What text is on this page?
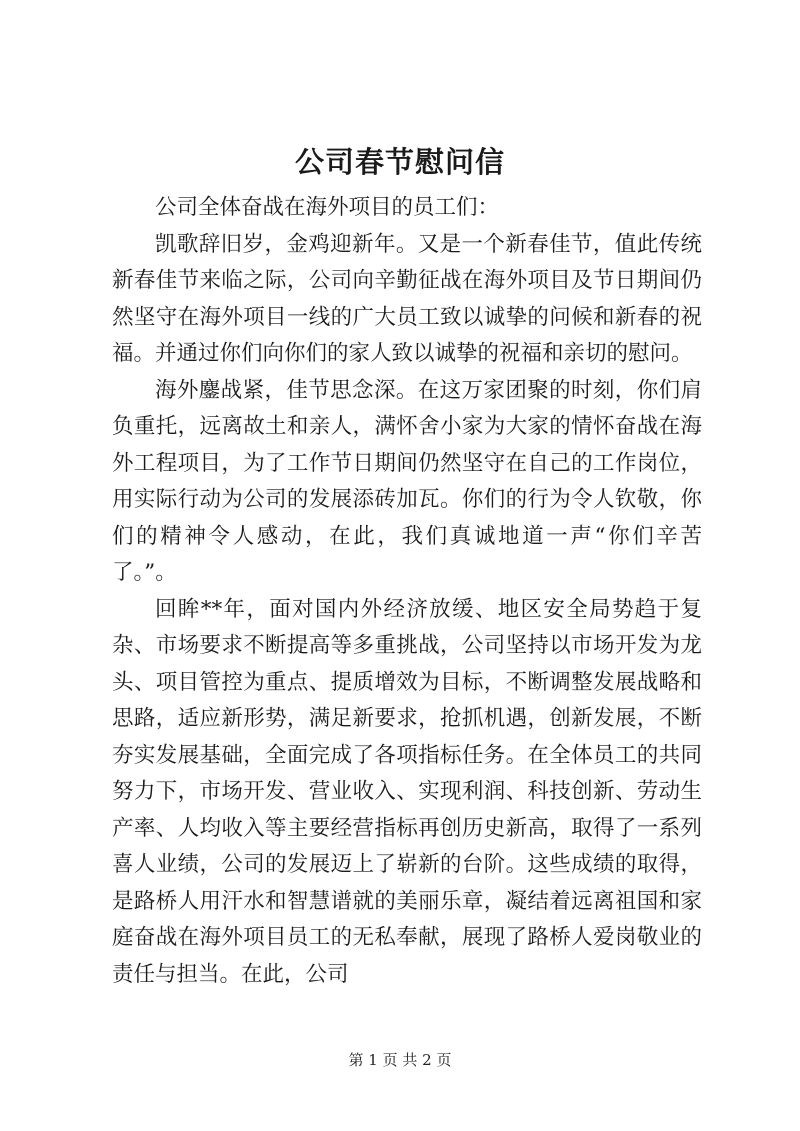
公司春节慰问信

公司全体奋战在海外项目的员工们：

凯歌辞旧岁，金鸡迎新年。又是一个新春佳节，值此传统新春佳节来临之际，公司向辛勤征战在海外项目及节日期间仍然坚守在海外项目一线的广大员工致以诚挚的问候和新春的祝福。并通过你们向你们的家人致以诚挚的祝福和亲切的慰问。

海外鏖战紧，佳节思念深。在这万家团聚的时刻，你们肩负重托，远离故土和亲人，满怀舍小家为大家的情怀奋战在海外工程项目，为了工作节日期间仍然坚守在自己的工作岗位，用实际行动为公司的发展添砖加瓦。你们的行为令人钦敬，你们的精神令人感动，在此，我们真诚地道一声“你们辛苦了。”。

回眸**年，面对国内外经济放缓、地区安全局势趋于复杂、市场要求不断提高等多重挑战，公司坚持以市场开发为龙头、项目管控为重点、提质增效为目标，不断调整发展战略和思路，适应新形势，满足新要求，抢抓机遇，创新发展，不断夯实发展基础，全面完成了各项指标任务。在全体员工的共同努力下，市场开发、营业收入、实现利润、科技创新、劳动生产率、人均收入等主要经营指标再创历史新高，取得了一系列喜人业绩，公司的发展迈上了崭新的台阶。这些成绩的取得，是路桥人用汗水和智慧谱就的美丽乐章，凝结着远离祖国和家庭奋战在海外项目员工的无私奉献，展现了路桥人爱岗敬业的责任与担当。在此，公司

第 1 页 共 2 页
